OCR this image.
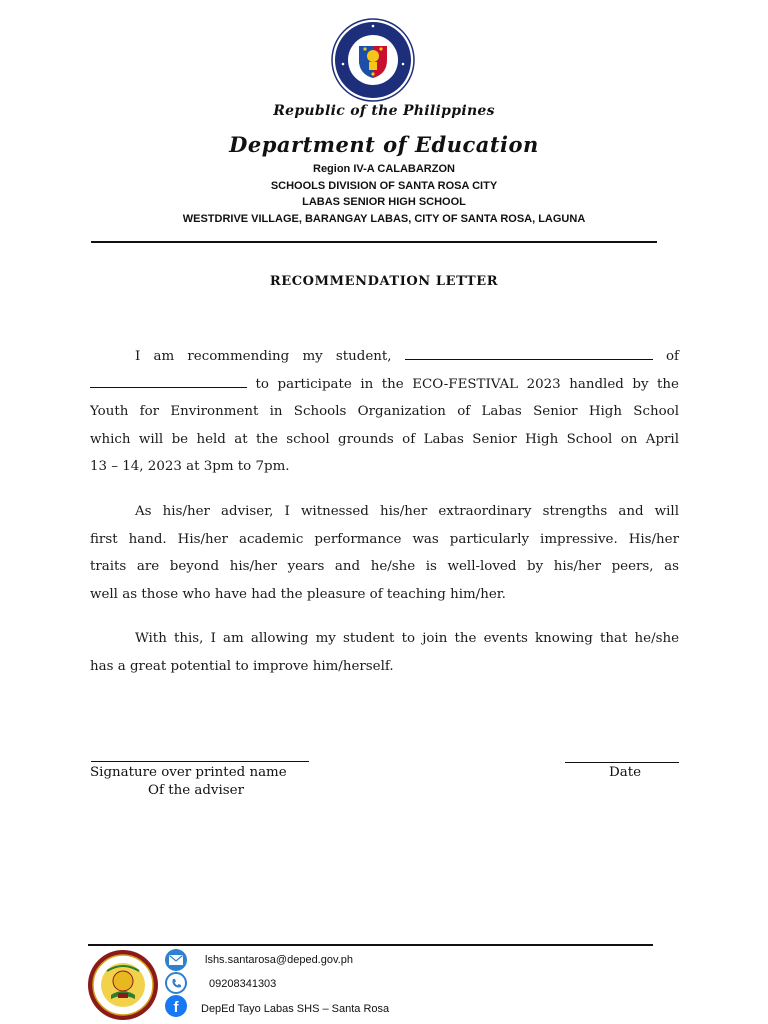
Republic of the Philippines
Department of Education
Region IV-A CALABARZON
SCHOOLS DIVISION OF SANTA ROSA CITY
LABAS SENIOR HIGH SCHOOL
WESTDRIVE VILLAGE, BARANGAY LABAS, CITY OF SANTA ROSA, LAGUNA
RECOMMENDATION LETTER
I am recommending my student,	of
to participate in the ECO-FESTIVAL 2023 handled by the
Youth for Environment in Schools Organization of Labas Senior High School
which will be held at the school grounds of Labas Senior High School on April
13 – 14, 2023 at 3pm to 7pm.
As his/her adviser, I witnessed his/her extraordinary strengths and will
first hand. His/her academic performance was particularly impressive. His/her
traits are beyond his/her years and he/she is well-loved by his/her peers, as
well as those who have had the pleasure of teaching him/her.
With this, I am allowing my student to join the events knowing that he/she
has a great potential to improve him/herself.
Signature over printed name
Of the adviser
Date
lshs.santarosa@deped.gov.ph
09208341303
f DepEd Tayo Labas SHS – Santa Rosa
